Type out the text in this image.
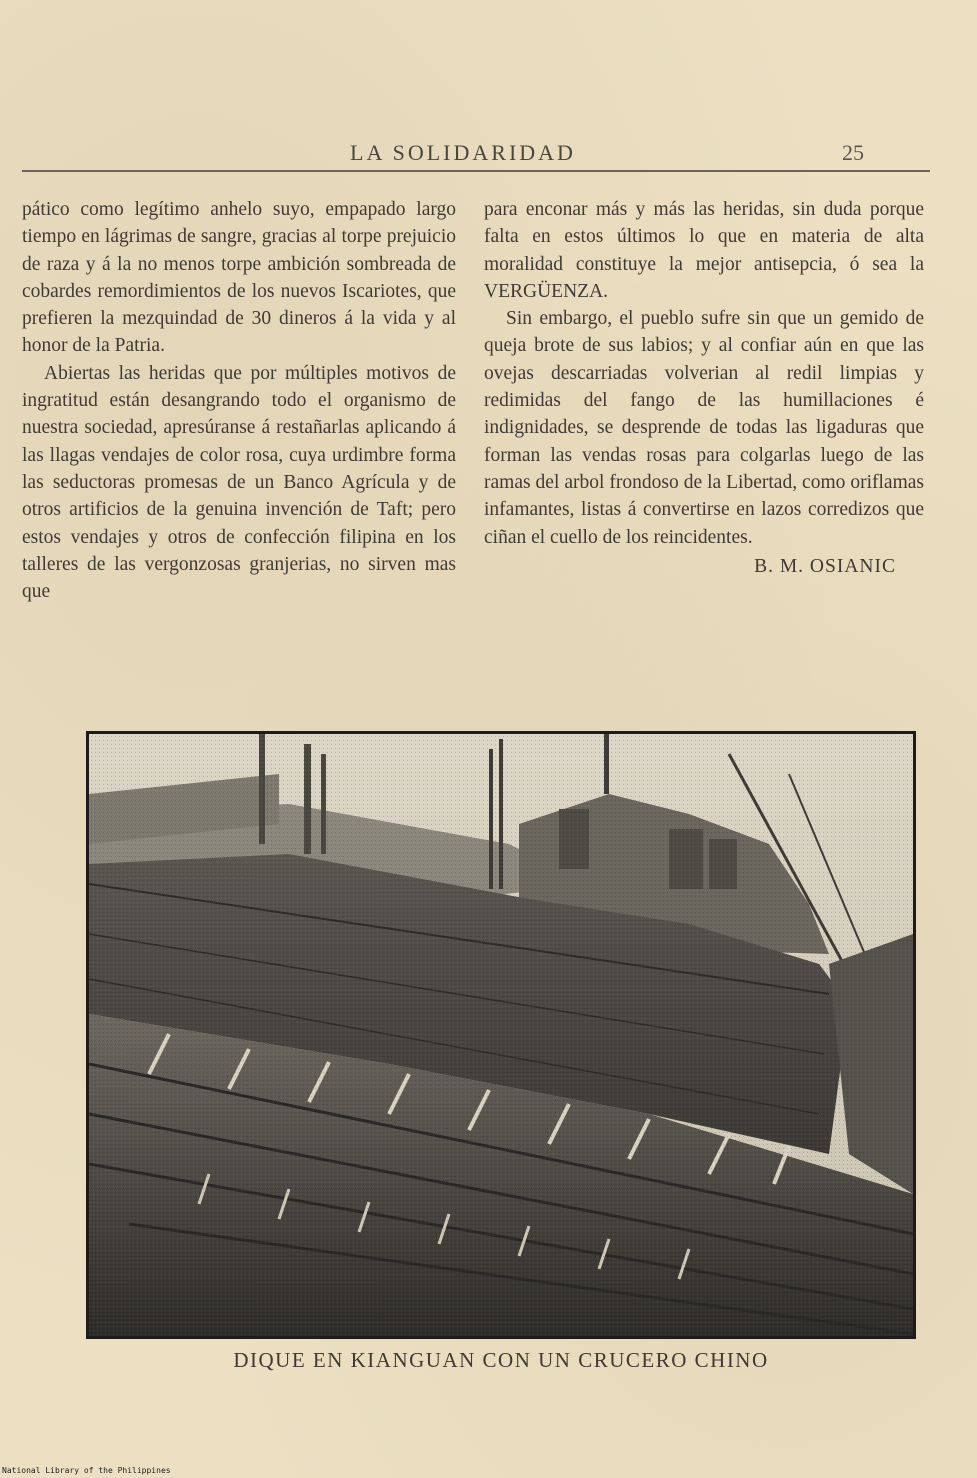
LA SOLIDARIDAD	25

pático como legítimo anhelo suyo, empapado largo tiempo en lágrimas de sangre, gracias al torpe prejuicio de raza y á la no menos torpe ambición sombreada de cobardes remordimientos de los nuevos Iscariotes, que prefieren la mezquindad de 30 dineros á la vida y al honor de la Patria.

Abiertas las heridas que por múltiples motivos de ingratitud están desangrando todo el organismo de nuestra sociedad, apresúranse á restañarlas aplicando á las llagas vendajes de color rosa, cuya urdimbre forma las seductoras promesas de un Banco Agrícula y de otros artificios de la genuina invención de Taft; pero estos vendajes y otros de confección filipina en los talleres de las vergonzosas granjerias, no sirven mas que

para enconar más y más las heridas, sin duda porque falta en estos últimos lo que en materia de alta moralidad constituye la mejor antisepcia, ó sea la VERGÜENZA.

Sin embargo, el pueblo sufre sin que un gemido de queja brote de sus labios; y al confiar aún en que las ovejas descarriadas volverian al redil limpias y redimidas del fango de las humillaciones é indignidades, se desprende de todas las ligaduras que forman las vendas rosas para colgarlas luego de las ramas del arbol frondoso de la Libertad, como oriflamas infamantes, listas á convertirse en lazos corredizos que ciñan el cuello de los reincidentes.

B. M. OSIANIC
DIQUE EN KIANGUAN CON UN CRUCERO CHINO
National Library of the Philippines
